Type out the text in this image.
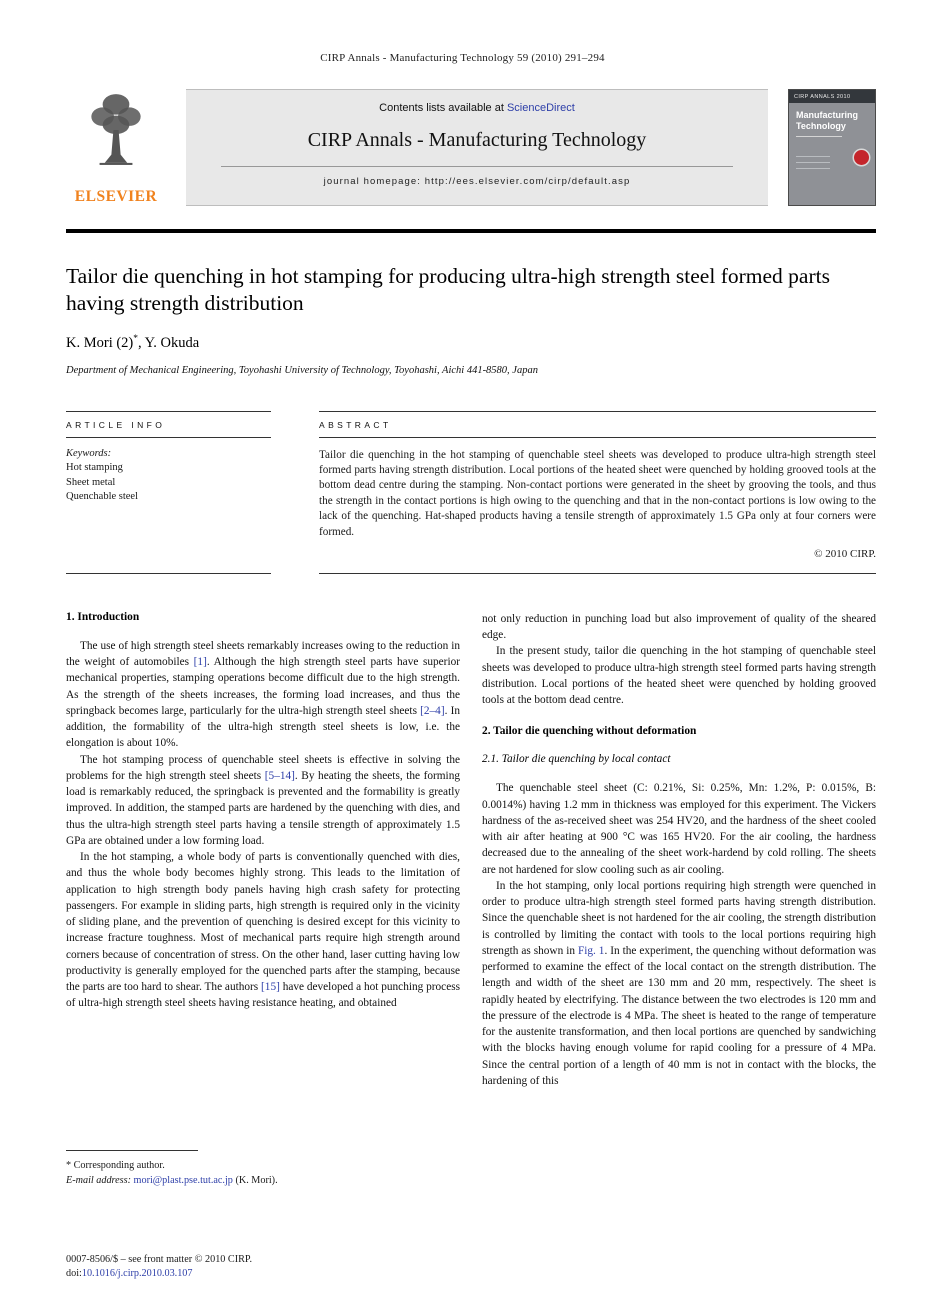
CIRP Annals - Manufacturing Technology 59 (2010) 291–294
ELSEVIER
Contents lists available at ScienceDirect
CIRP Annals - Manufacturing Technology
journal homepage: http://ees.elsevier.com/cirp/default.asp
CIRP ANNALS 2010
Manufacturing
Technology
Tailor die quenching in hot stamping for producing ultra-high strength steel formed parts having strength distribution
K. Mori (2)*, Y. Okuda
Department of Mechanical Engineering, Toyohashi University of Technology, Toyohashi, Aichi 441-8580, Japan
ARTICLE INFO
Keywords:
Hot stamping
Sheet metal
Quenchable steel
ABSTRACT
Tailor die quenching in the hot stamping of quenchable steel sheets was developed to produce ultra-high strength steel formed parts having strength distribution. Local portions of the heated sheet were quenched by holding grooved tools at the bottom dead centre during the stamping. Non-contact portions were generated in the sheet by grooving the tools, and thus the strength in the contact portions is high owing to the quenching and that in the non-contact portions is low owing to the lack of the quenching. Hat-shaped products having a tensile strength of approximately 1.5 GPa only at four corners were formed.
© 2010 CIRP.
1. Introduction

The use of high strength steel sheets remarkably increases owing to the reduction in the weight of automobiles [1]. Although the high strength steel parts have superior mechanical properties, stamping operations become difficult due to the high strength. As the strength of the sheets increases, the forming load increases, and thus the springback becomes large, particularly for the ultra-high strength steel sheets [2–4]. In addition, the formability of the ultra-high strength steel sheets is low, i.e. the elongation is about 10%.

The hot stamping process of quenchable steel sheets is effective in solving the problems for the high strength steel sheets [5–14]. By heating the sheets, the forming load is remarkably reduced, the springback is prevented and the formability is greatly improved. In addition, the stamped parts are hardened by the quenching with dies, and thus the ultra-high strength steel parts having a tensile strength of approximately 1.5 GPa are obtained under a low forming load.

In the hot stamping, a whole body of parts is conventionally quenched with dies, and thus the whole body becomes highly strong. This leads to the limitation of application to high strength body panels having high crash safety for protecting passengers. For example in sliding parts, high strength is required only in the vicinity of sliding plane, and the prevention of quenching is desired except for this vicinity to increase fracture toughness. Most of mechanical parts require high strength around corners because of concentration of stress. On the other hand, laser cutting having low productivity is generally employed for the quenched parts after the stamping, because the parts are too hard to shear. The authors [15] have developed a hot punching process of ultra-high strength steel sheets having resistance heating, and obtained

not only reduction in punching load but also improvement of quality of the sheared edge.

In the present study, tailor die quenching in the hot stamping of quenchable steel sheets was developed to produce ultra-high strength steel formed parts having strength distribution. Local portions of the heated sheet were quenched by holding grooved tools at the bottom dead centre.

2. Tailor die quenching without deformation
2.1. Tailor die quenching by local contact

The quenchable steel sheet (C: 0.21%, Si: 0.25%, Mn: 1.2%, P: 0.015%, B: 0.0014%) having 1.2 mm in thickness was employed for this experiment. The Vickers hardness of the as-received sheet was 254 HV20, and the hardness of the sheet cooled with air after heating at 900 °C was 165 HV20. For the air cooling, the hardness decreased due to the annealing of the sheet work-hardend by cold rolling. The sheets are not hardened for slow cooling such as air cooling.

In the hot stamping, only local portions requiring high strength were quenched in order to produce ultra-high strength steel formed parts having strength distribution. Since the quenchable sheet is not hardened for the air cooling, the strength distribution is controlled by limiting the contact with tools to the local portions requiring high strength as shown in Fig. 1. In the experiment, the quenching without deformation was performed to examine the effect of the local contact on the strength distribution. The length and width of the sheet are 130 mm and 20 mm, respectively. The sheet is rapidly heated by electrifying. The distance between the two electrodes is 120 mm and the pressure of the electrode is 4 MPa. The sheet is heated to the range of temperature for the austenite transformation, and then local portions are quenched by sandwiching with the blocks having enough volume for rapid cooling for a pressure of 4 MPa. Since the central portion of a length of 40 mm is not in contact with the blocks, the hardening of this

* Corresponding author.
E-mail address: mori@plast.pse.tut.ac.jp (K. Mori).
0007-8506/$ – see front matter © 2010 CIRP.
doi:10.1016/j.cirp.2010.03.107
